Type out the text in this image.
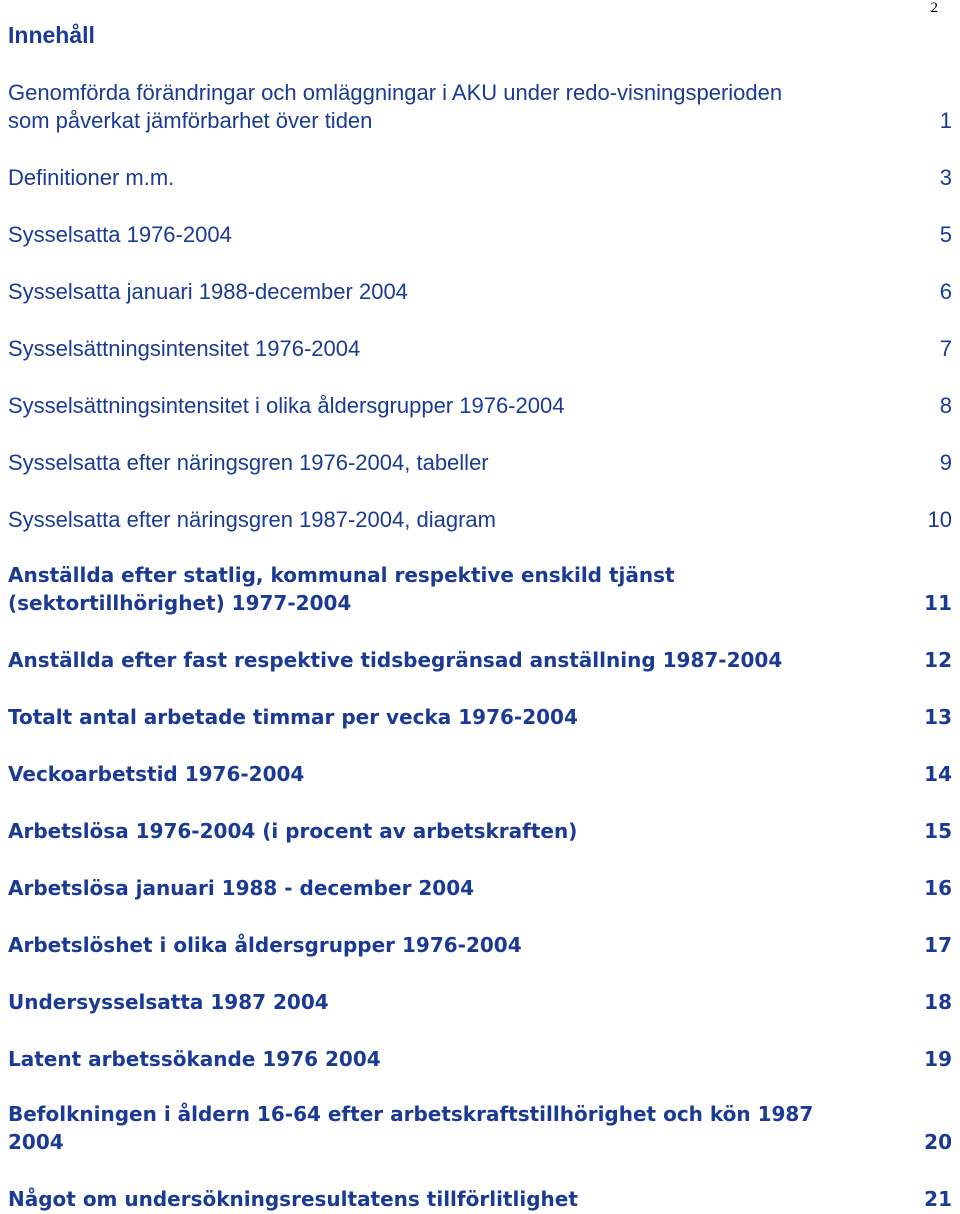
2
Innehåll
Genomförda förändringar och omläggningar i AKU under redo-visningsperioden som påverkat jämförbarhet över tiden	1
Definitioner m.m.	3
Sysselsatta 1976-2004	5
Sysselsatta januari 1988-december 2004	6
Sysselsättningsintensitet 1976-2004	7
Sysselsättningsintensitet i olika åldersgrupper 1976-2004	8
Sysselsatta efter näringsgren 1976-2004, tabeller	9
Sysselsatta efter näringsgren 1987-2004, diagram	10
Anställda efter statlig, kommunal respektive enskild tjänst (sektortillhörighet) 1977-2004	11
Anställda efter fast respektive tidsbegränsad anställning 1987-2004	12
Totalt antal arbetade timmar per vecka 1976-2004	13
Veckoarbetstid 1976-2004	14
Arbetslösa 1976-2004 (i procent av arbetskraften)	15
Arbetslösa januari 1988 - december 2004	16
Arbetslöshet i olika åldersgrupper 1976-2004	17
Undersysselsatta 1987 2004	18
Latent arbetssökande 1976 2004	19
Befolkningen i åldern 16-64 efter arbetskraftstillhörighet och kön 1987 2004	20
Något om undersökningsresultatens tillförlitlighet	21
